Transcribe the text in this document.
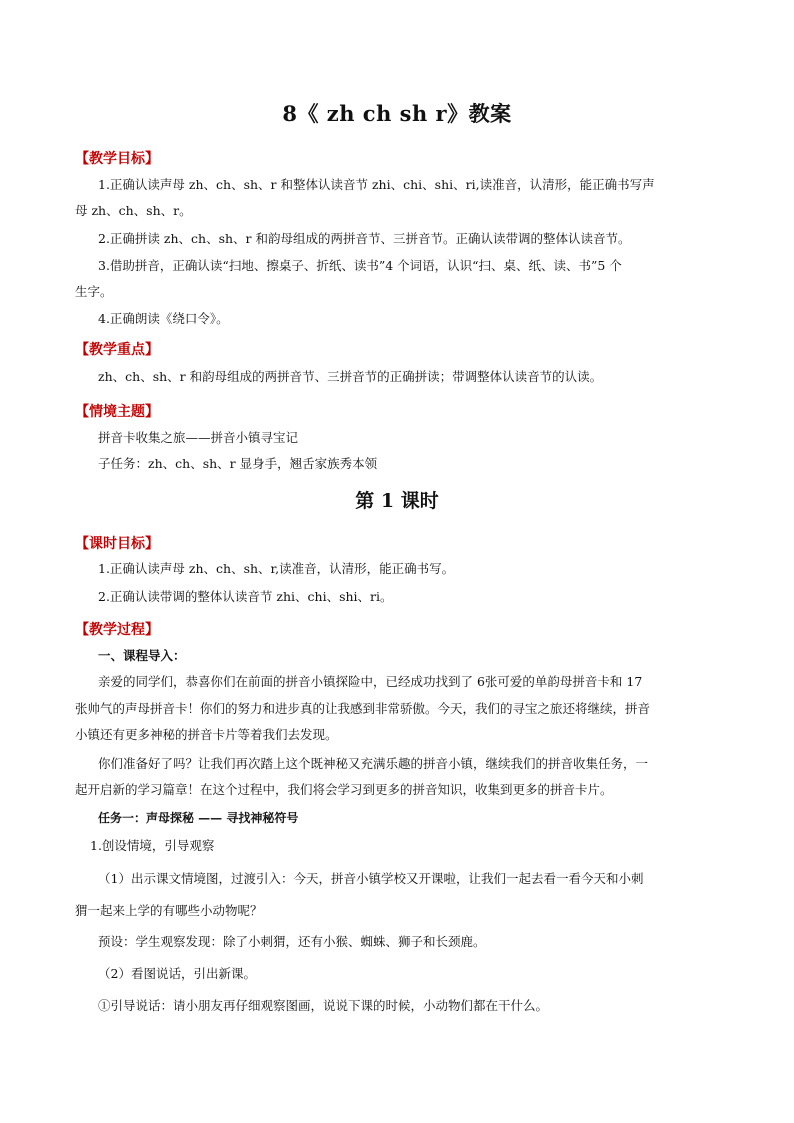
8《 zh ch sh r》教案
【教学目标】
1.正确认读声母 zh、ch、sh、r 和整体认读音节 zhi、chi、shi、ri,读准音，认清形，能正确书写声
母 zh、ch、sh、r。
2.正确拼读 zh、ch、sh、r 和韵母组成的两拼音节、三拼音节。正确认读带调的整体认读音节。
3.借助拼音，正确认读“扫地、擦桌子、折纸、读书”4 个词语，认识“扫、桌、纸、读、书”5 个
生字。
4.正确朗读《绕口令》。
【教学重点】
zh、ch、sh、r 和韵母组成的两拼音节、三拼音节的正确拼读；带调整体认读音节的认读。
【情境主题】
拼音卡收集之旅——拼音小镇寻宝记
子任务：zh、ch、sh、r 显身手，翘舌家族秀本领
第 1 课时
【课时目标】
1.正确认读声母 zh、ch、sh、r,读准音，认清形，能正确书写。
2.正确认读带调的整体认读音节 zhi、chi、shi、ri。
【教学过程】
一、课程导入：
亲爱的同学们，恭喜你们在前面的拼音小镇探险中，已经成功找到了 6张可爱的单韵母拼音卡和 17
张帅气的声母拼音卡！你们的努力和进步真的让我感到非常骄傲。今天，我们的寻宝之旅还将继续，拼音
小镇还有更多神秘的拼音卡片等着我们去发现。
你们准备好了吗？让我们再次踏上这个既神秘又充满乐趣的拼音小镇，继续我们的拼音收集任务，一
起开启新的学习篇章！在这个过程中，我们将会学习到更多的拼音知识，收集到更多的拼音卡片。
任务一：声母探秘 —— 寻找神秘符号
1.创设情境，引导观察
（1）出示课文情境图，过渡引入：今天，拼音小镇学校又开课啦，让我们一起去看一看今天和小刺
猬一起来上学的有哪些小动物呢？
预设：学生观察发现：除了小刺猬，还有小猴、蜘蛛、狮子和长颈鹿。
（2）看图说话，引出新课。
①引导说话：请小朋友再仔细观察图画，说说下课的时候，小动物们都在干什么。
